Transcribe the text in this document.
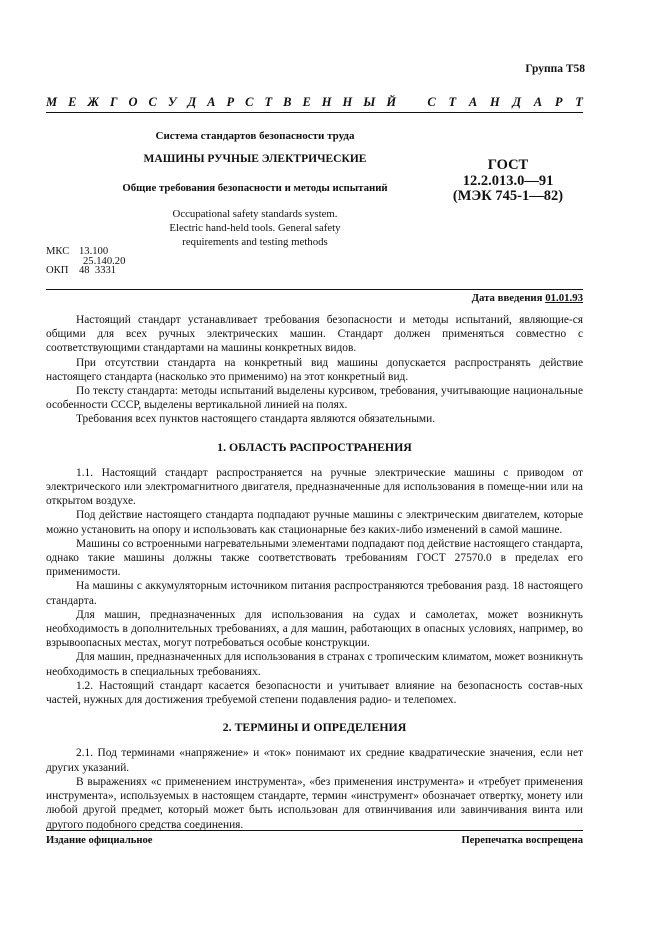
Группа Т58
М Е Ж Г О С У Д А Р С Т В Е Н Н Ы Й С Т А Н Д А Р Т
Система стандартов безопасности труда
МАШИНЫ РУЧНЫЕ ЭЛЕКТРИЧЕСКИЕ
Общие требования безопасности и методы испытаний
Occupational safety standards system.
Electric hand-held tools. General safety
requirements and testing methods
ГОСТ
12.2.013.0—91
(МЭК 745-1—82)
МКС 13.100
25.140.20
ОКП	48  3331
Дата введения 01.01.93

Настоящий стандарт устанавливает требования безопасности и методы испытаний, являющие-ся общими для всех ручных электрических машин. Стандарт должен применяться совместно с соответствующими стандартами на машины конкретных видов.

При отсутствии стандарта на конкретный вид машины допускается распространять действие настоящего стандарта (насколько это применимо) на этот конкретный вид.

По тексту стандарта: методы испытаний выделены курсивом, требования, учитывающие национальные особенности СССР, выделены вертикальной линией на полях.

Требования всех пунктов настоящего стандарта являются обязательными.

1. ОБЛАСТЬ РАСПРОСТРАНЕНИЯ

1.1. Настоящий стандарт распространяется на ручные электрические машины с приводом от электрического или электромагнитного двигателя, предназначенные для использования в помеще-нии или на открытом воздухе.

Под действие настоящего стандарта подпадают ручные машины с электрическим двигателем, которые можно установить на опору и использовать как стационарные без каких-либо изменений в самой машине.

Машины со встроенными нагревательными элементами подпадают под действие настоящего стандарта, однако такие машины должны также соответствовать требованиям ГОСТ 27570.0 в пределах его применимости.

На машины с аккумуляторным источником питания распространяются требования разд. 18 настоящего стандарта.

Для машин, предназначенных для использования на судах и самолетах, может возникнуть необходимость в дополнительных требованиях, а для машин, работающих в опасных условиях, например, во взрывоопасных местах, могут потребоваться особые конструкции.

Для машин, предназначенных для использования в странах с тропическим климатом, может возникнуть необходимость в специальных требованиях.

1.2. Настоящий стандарт касается безопасности и учитывает влияние на безопасность состав-ных частей, нужных для достижения требуемой степени подавления радио- и телепомех.

2. ТЕРМИНЫ И ОПРЕДЕЛЕНИЯ

2.1. Под терминами «напряжение» и «ток» понимают их средние квадратические значения, если нет других указаний.

В выражениях «с применением инструмента», «без применения инструмента» и «требует применения инструмента», используемых в настоящем стандарте, термин «инструмент» обозначает отвертку, монету или любой другой предмет, который может быть использован для отвинчивания или завинчивания винта или другого подобного средства соединения.

Издание официальное	Перепечатка воспрещена
